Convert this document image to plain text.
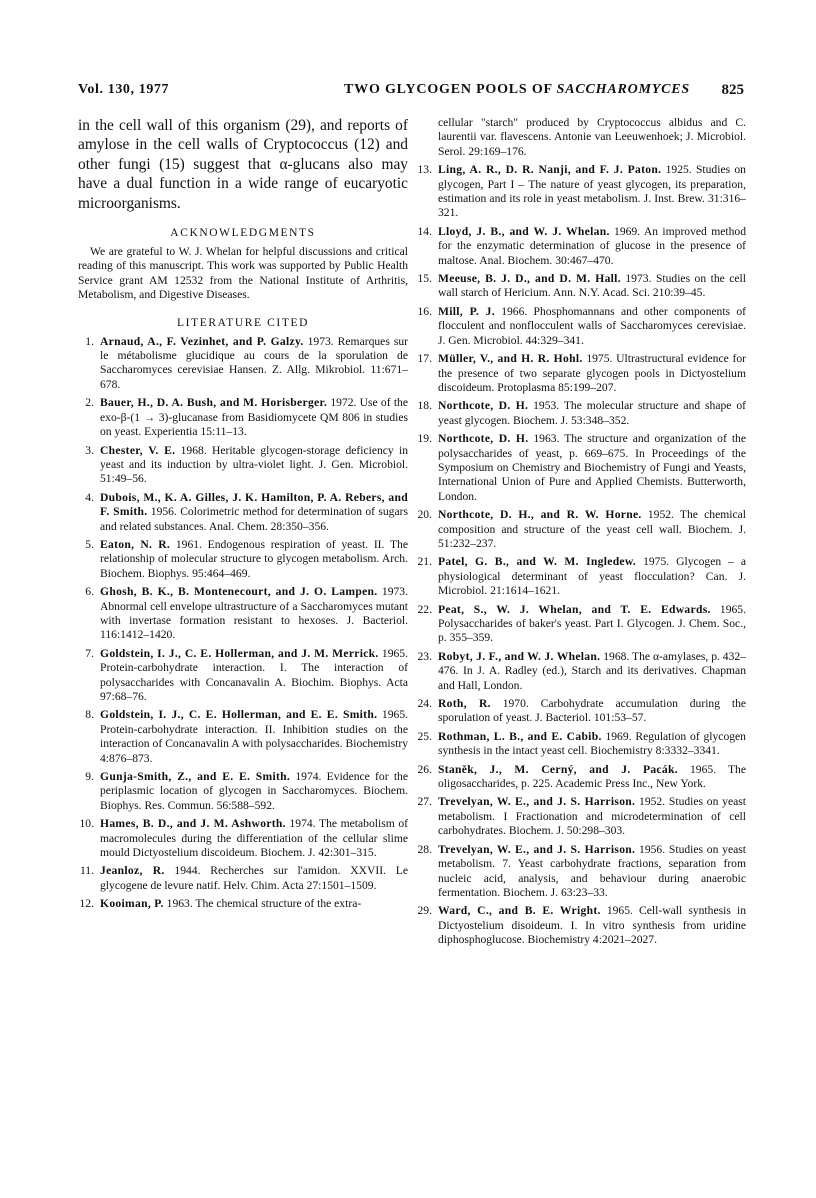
Vol. 130, 1977	TWO GLYCOGEN POOLS OF SACCHAROMYCES 825

in the cell wall of this organism (29), and reports of amylose in the cell walls of Cryptococcus (12) and other fungi (15) suggest that α-glucans also may have a dual function in a wide range of eucaryotic microorganisms.

ACKNOWLEDGMENTS

We are grateful to W. J. Whelan for helpful discussions and critical reading of this manuscript. This work was supported by Public Health Service grant AM 12532 from the National Institute of Arthritis, Metabolism, and Digestive Diseases.

LITERATURE CITED
1. Arnaud, A., F. Vezinhet, and P. Galzy. 1973. Remarques sur le métabolisme glucidique au cours de la sporulation de Saccharomyces cerevisiae Hansen. Z. Allg. Mikrobiol. 11:671–678.
2. Bauer, H., D. A. Bush, and M. Horisberger. 1972. Use of the exo-β-(1 → 3)-glucanase from Basidiomycete QM 806 in studies on yeast. Experientia 15:11–13.
3. Chester, V. E. 1968. Heritable glycogen-storage deficiency in yeast and its induction by ultra-violet light. J. Gen. Microbiol. 51:49–56.
4. Dubois, M., K. A. Gilles, J. K. Hamilton, P. A. Rebers, and F. Smith. 1956. Colorimetric method for determination of sugars and related substances. Anal. Chem. 28:350–356.
5. Eaton, N. R. 1961. Endogenous respiration of yeast. II. The relationship of molecular structure to glycogen metabolism. Arch. Biochem. Biophys. 95:464–469.
6. Ghosh, B. K., B. Montenecourt, and J. O. Lampen. 1973. Abnormal cell envelope ultrastructure of a Saccharomyces mutant with invertase formation resistant to hexoses. J. Bacteriol. 116:1412–1420.
7. Goldstein, I. J., C. E. Hollerman, and J. M. Merrick. 1965. Protein-carbohydrate interaction. I. The interaction of polysaccharides with Concanavalin A. Biochim. Biophys. Acta 97:68–76.
8. Goldstein, I. J., C. E. Hollerman, and E. E. Smith. 1965. Protein-carbohydrate interaction. II. Inhibition studies on the interaction of Concanavalin A with polysaccharides. Biochemistry 4:876–873.
9. Gunja-Smith, Z., and E. E. Smith. 1974. Evidence for the periplasmic location of glycogen in Saccharomyces. Biochem. Biophys. Res. Commun. 56:588–592.
10. Hames, B. D., and J. M. Ashworth. 1974. The metabolism of macromolecules during the differentiation of the cellular slime mould Dictyostelium discoideum. Biochem. J. 42:301–315.
11. Jeanloz, R. 1944. Recherches sur l'amidon. XXVII. Le glycogene de levure natif. Helv. Chim. Acta 27:1501–1509.
12. Kooiman, P. 1963. The chemical structure of the extra-
cellular "starch" produced by Cryptococcus albidus and C. laurentii var. flavescens. Antonie van Leeuwenhoek; J. Microbiol. Serol. 29:169–176.
13. Ling, A. R., D. R. Nanji, and F. J. Paton. 1925. Studies on glycogen, Part I – The nature of yeast glycogen, its preparation, estimation and its role in yeast metabolism. J. Inst. Brew. 31:316–321.
14. Lloyd, J. B., and W. J. Whelan. 1969. An improved method for the enzymatic determination of glucose in the presence of maltose. Anal. Biochem. 30:467–470.
15. Meeuse, B. J. D., and D. M. Hall. 1973. Studies on the cell wall starch of Hericium. Ann. N.Y. Acad. Sci. 210:39–45.
16. Mill, P. J. 1966. Phosphomannans and other components of flocculent and nonflocculent walls of Saccharomyces cerevisiae. J. Gen. Microbiol. 44:329–341.
17. Müller, V., and H. R. Hohl. 1975. Ultrastructural evidence for the presence of two separate glycogen pools in Dictyostelium discoideum. Protoplasma 85:199–207.
18. Northcote, D. H. 1953. The molecular structure and shape of yeast glycogen. Biochem. J. 53:348–352.
19. Northcote, D. H. 1963. The structure and organization of the polysaccharides of yeast, p. 669–675. In Proceedings of the Symposium on Chemistry and Biochemistry of Fungi and Yeasts, International Union of Pure and Applied Chemists. Butterworth, London.
20. Northcote, D. H., and R. W. Horne. 1952. The chemical composition and structure of the yeast cell wall. Biochem. J. 51:232–237.
21. Patel, G. B., and W. M. Ingledew. 1975. Glycogen – a physiological determinant of yeast flocculation? Can. J. Microbiol. 21:1614–1621.
22. Peat, S., W. J. Whelan, and T. E. Edwards. 1965. Polysaccharides of baker's yeast. Part I. Glycogen. J. Chem. Soc., p. 355–359.
23. Robyt, J. F., and W. J. Whelan. 1968. The α-amylases, p. 432–476. In J. A. Radley (ed.), Starch and its derivatives. Chapman and Hall, London.
24. Roth, R. 1970. Carbohydrate accumulation during the sporulation of yeast. J. Bacteriol. 101:53–57.
25. Rothman, L. B., and E. Cabib. 1969. Regulation of glycogen synthesis in the intact yeast cell. Biochemistry 8:3332–3341.
26. Staněk, J., M. Cerný, and J. Pacák. 1965. The oligosaccharides, p. 225. Academic Press Inc., New York.
27. Trevelyan, W. E., and J. S. Harrison. 1952. Studies on yeast metabolism. I Fractionation and microdetermination of cell carbohydrates. Biochem. J. 50:298–303.
28. Trevelyan, W. E., and J. S. Harrison. 1956. Studies on yeast metabolism. 7. Yeast carbohydrate fractions, separation from nucleic acid, analysis, and behaviour during anaerobic fermentation. Biochem. J. 63:23–33.
29. Ward, C., and B. E. Wright. 1965. Cell-wall synthesis in Dictyostelium disoideum. I. In vitro synthesis from uridine diphosphoglucose. Biochemistry 4:2021–2027.
